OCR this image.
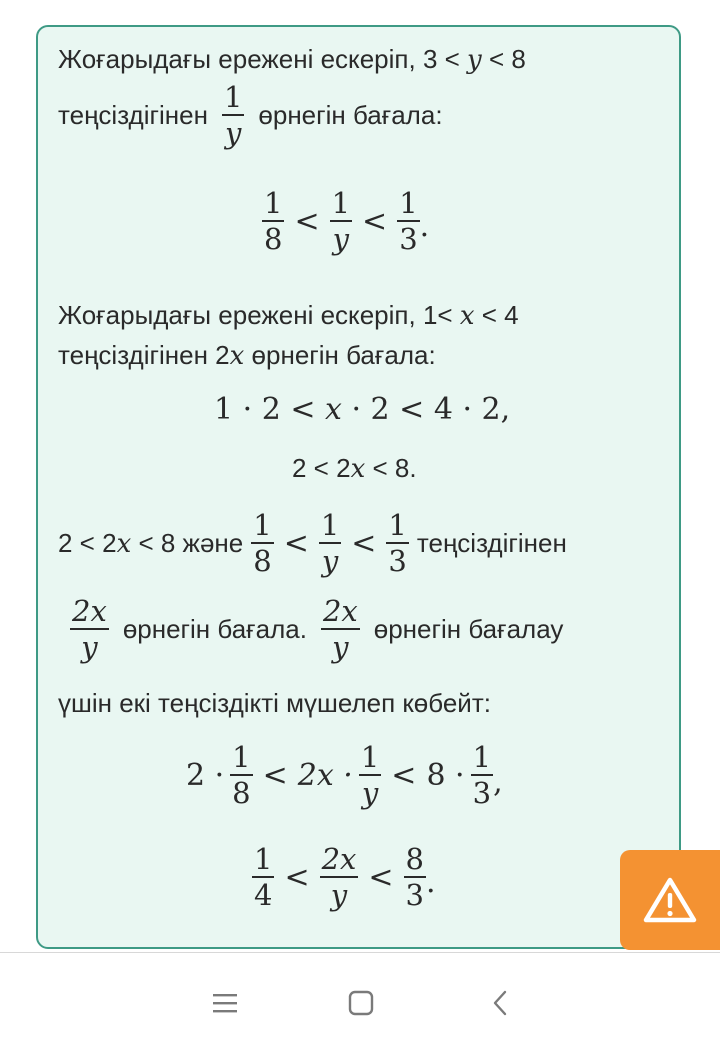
Жоғарыдағы ережені ескеріп, 3 < y < 8
теңсіздігінен $\frac{1}{y}$ өрнегін бағала:
$\frac{1}{8} < \frac{1}{y} < \frac{1}{3}$ .
Жоғарыдағы ережені ескеріп, 1< x < 4
теңсіздігінен 2x өрнегін бағала:
1 · 2 < x · 2 < 4 · 2,
2 < 2x < 8.
2 < 2x < 8 және $\frac{1}{8} < \frac{1}{y} < \frac{1}{3}$ теңсіздігінен
$\frac{2x}{y}$ өрнегін бағала. $\frac{2x}{y}$ өрнегін бағалау
үшін екі теңсіздікті мүшелеп көбейт:
$2 \cdot \frac{1}{8} < 2x \cdot \frac{1}{y} < 8 \cdot \frac{1}{3}$ ,
$\frac{1}{4} < \frac{2x}{y} < \frac{8}{3}$ .
